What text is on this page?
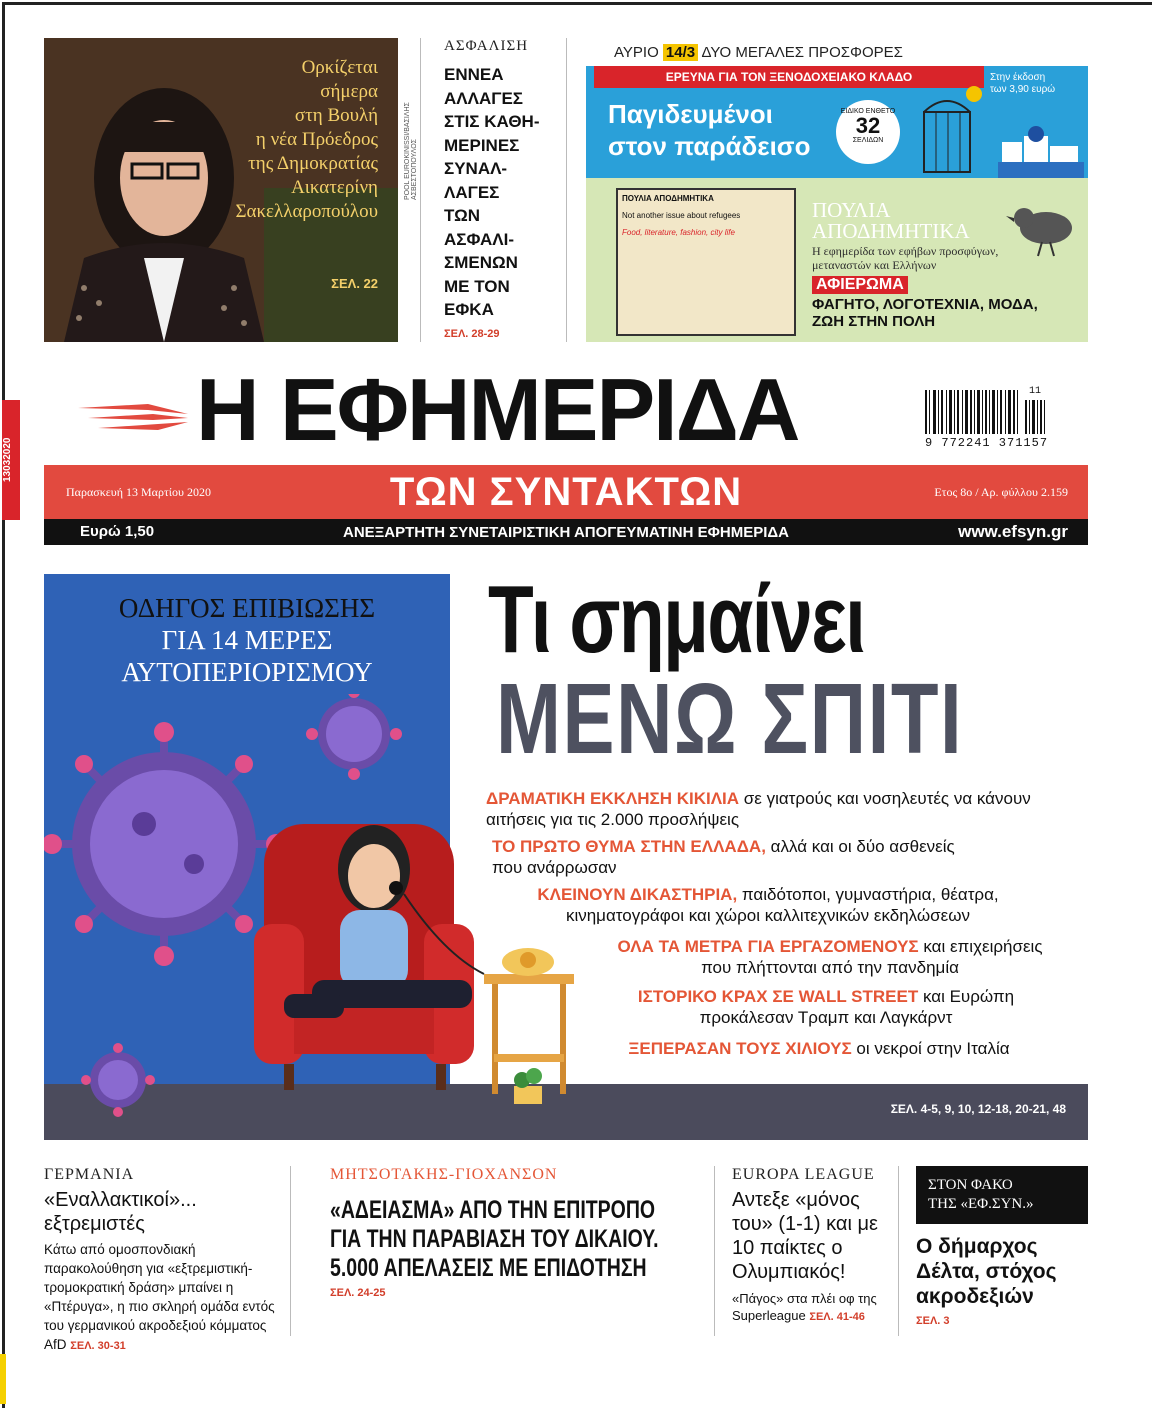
Ορκίζεται
σήμερα
στη Βουλή
η νέα Πρόεδρος
της Δημοκρατίας
Αικατερίνη
Σακελλαροπούλου
ΣΕΛ. 22
POOL EUROKINISSI/ΒΑΣΙΛΗΣ ΑΣΒΕΣΤΟΠΟΥΛΟΣ
ΑΣΦΑΛΙΣΗ
ΕΝΝΕΑ
ΑΛΛΑΓΕΣ
ΣΤΙΣ ΚΑΘΗ-
ΜΕΡΙΝΕΣ
ΣΥΝΑΛ-
ΛΑΓΕΣ
ΤΩΝ
ΑΣΦΑΛΙ-
ΣΜΕΝΩΝ
ΜΕ ΤΟΝ
ΕΦΚΑ
ΣΕΛ. 28-29
ΑΥΡΙΟ 14/3 ΔΥΟ ΜΕΓΑΛΕΣ ΠΡΟΣΦΟΡΕΣ
ΕΡΕΥΝΑ ΓΙΑ ΤΟΝ ΞΕΝΟΔΟΧΕΙΑΚΟ ΚΛΑΔΟ
Παγιδευμένοι
στον παράδεισο
ΕΙΔΙΚΟ ΕΝΘΕΤΟ
32
ΣΕΛΙΔΩΝ
Στην έκδοση
των 3,90 ευρώ
ΠΟΥΛΙΑ ΑΠΟΔΗΜΗΤΙΚΑ
Not another issue about refugees
Food, literature, fashion, city life
ΠΟΥΛΙΑ
ΑΠΟΔΗΜΗΤΙΚΑ
Η εφημερίδα των εφήβων προσφύγων, μεταναστών και Ελλήνων
ΑΦΙΕΡΩΜΑ
ΦΑΓΗΤΟ, ΛΟΓΟΤΕΧΝΙΑ, ΜΟΔΑ,
ΖΩΗ ΣΤΗΝ ΠΟΛΗ
13032020
Η ΕΦΗΜΕΡΙΔΑ	11
9 772241 371157
Παρασκευή 13 Μαρτίου 2020	ΤΩΝ ΣΥΝΤΑΚΤΩΝ	Ετος 8ο / Αρ. φύλλου 2.159
Ευρώ 1,50	ΑΝΕΞΑΡΤΗΤΗ ΣΥΝΕΤΑΙΡΙΣΤΙΚΗ ΑΠΟΓΕΥΜΑΤΙΝΗ ΕΦΗΜΕΡΙΔΑ	www.efsyn.gr
ΟΔΗΓΟΣ ΕΠΙΒΙΩΣΗΣ
ΓΙΑ 14 ΜΕΡΕΣ
ΑΥΤΟΠΕΡΙΟΡΙΣΜΟΥ
ΣΕΛ. 4-5, 9, 10, 12-18, 20-21, 48
Τι σημαίνει
ΜΕΝΩ ΣΠΙΤΙ
ΔΡΑΜΑΤΙΚΗ ΕΚΚΛΗΣΗ ΚΙΚΙΛΙΑ σε γιατρούς και νοσηλευτές να κάνουν
αιτήσεις για τις 2.000 προσλήψεις
ΤΟ ΠΡΩΤΟ ΘΥΜΑ ΣΤΗΝ ΕΛΛΑΔΑ, αλλά και οι δύο ασθενείς
που ανάρρωσαν
ΚΛΕΙΝΟΥΝ ΔΙΚΑΣΤΗΡΙΑ, παιδότοποι, γυμναστήρια, θέατρα,
κινηματογράφοι και χώροι καλλιτεχνικών εκδηλώσεων
ΟΛΑ ΤΑ ΜΕΤΡΑ ΓΙΑ ΕΡΓΑΖΟΜΕΝΟΥΣ και επιχειρήσεις
που πλήττονται από την πανδημία
ΙΣΤΟΡΙΚΟ ΚΡΑΧ ΣΕ WALL STREET και Ευρώπη
προκάλεσαν Τραμπ και Λαγκάρντ
ΞΕΠΕΡΑΣΑΝ ΤΟΥΣ ΧΙΛΙΟΥΣ οι νεκροί στην Ιταλία
ΓΕΡΜΑΝΙΑ
«Εναλλακτικοί»...
εξτρεμιστές

Κάτω από ομοσπονδιακή παρακολούθηση για «εξτρεμιστική-τρομοκρατική δράση» μπαίνει η «Πτέρυγα», η πιο σκληρή ομάδα εντός του γερμανικού ακροδεξιού κόμματος AfD ΣΕΛ. 30-31

ΜΗΤΣΟΤΑΚΗΣ-ΓΙΟΧΑΝΣΟΝ
«ΑΔΕΙΑΣΜΑ» ΑΠΟ ΤΗΝ ΕΠΙΤΡΟΠΟ
ΓΙΑ ΤΗΝ ΠΑΡΑΒΙΑΣΗ ΤΟΥ ΔΙΚΑΙΟΥ.
5.000 ΑΠΕΛΑΣΕΙΣ ΜΕ ΕΠΙΔΟΤΗΣΗ
ΣΕΛ. 24-25
EUROPA LEAGUE
Αντεξε «μόνος του» (1-1) και με 10 παίκτες ο Ολυμπιακός!

«Πάγος» στα πλέι οφ της Superleague ΣΕΛ. 41-46

ΣΤΟΝ ΦΑΚΟ
ΤΗΣ «ΕΦ.ΣΥΝ.»
Ο δήμαρχος Δέλτα, στόχος ακροδεξιών
ΣΕΛ. 3
